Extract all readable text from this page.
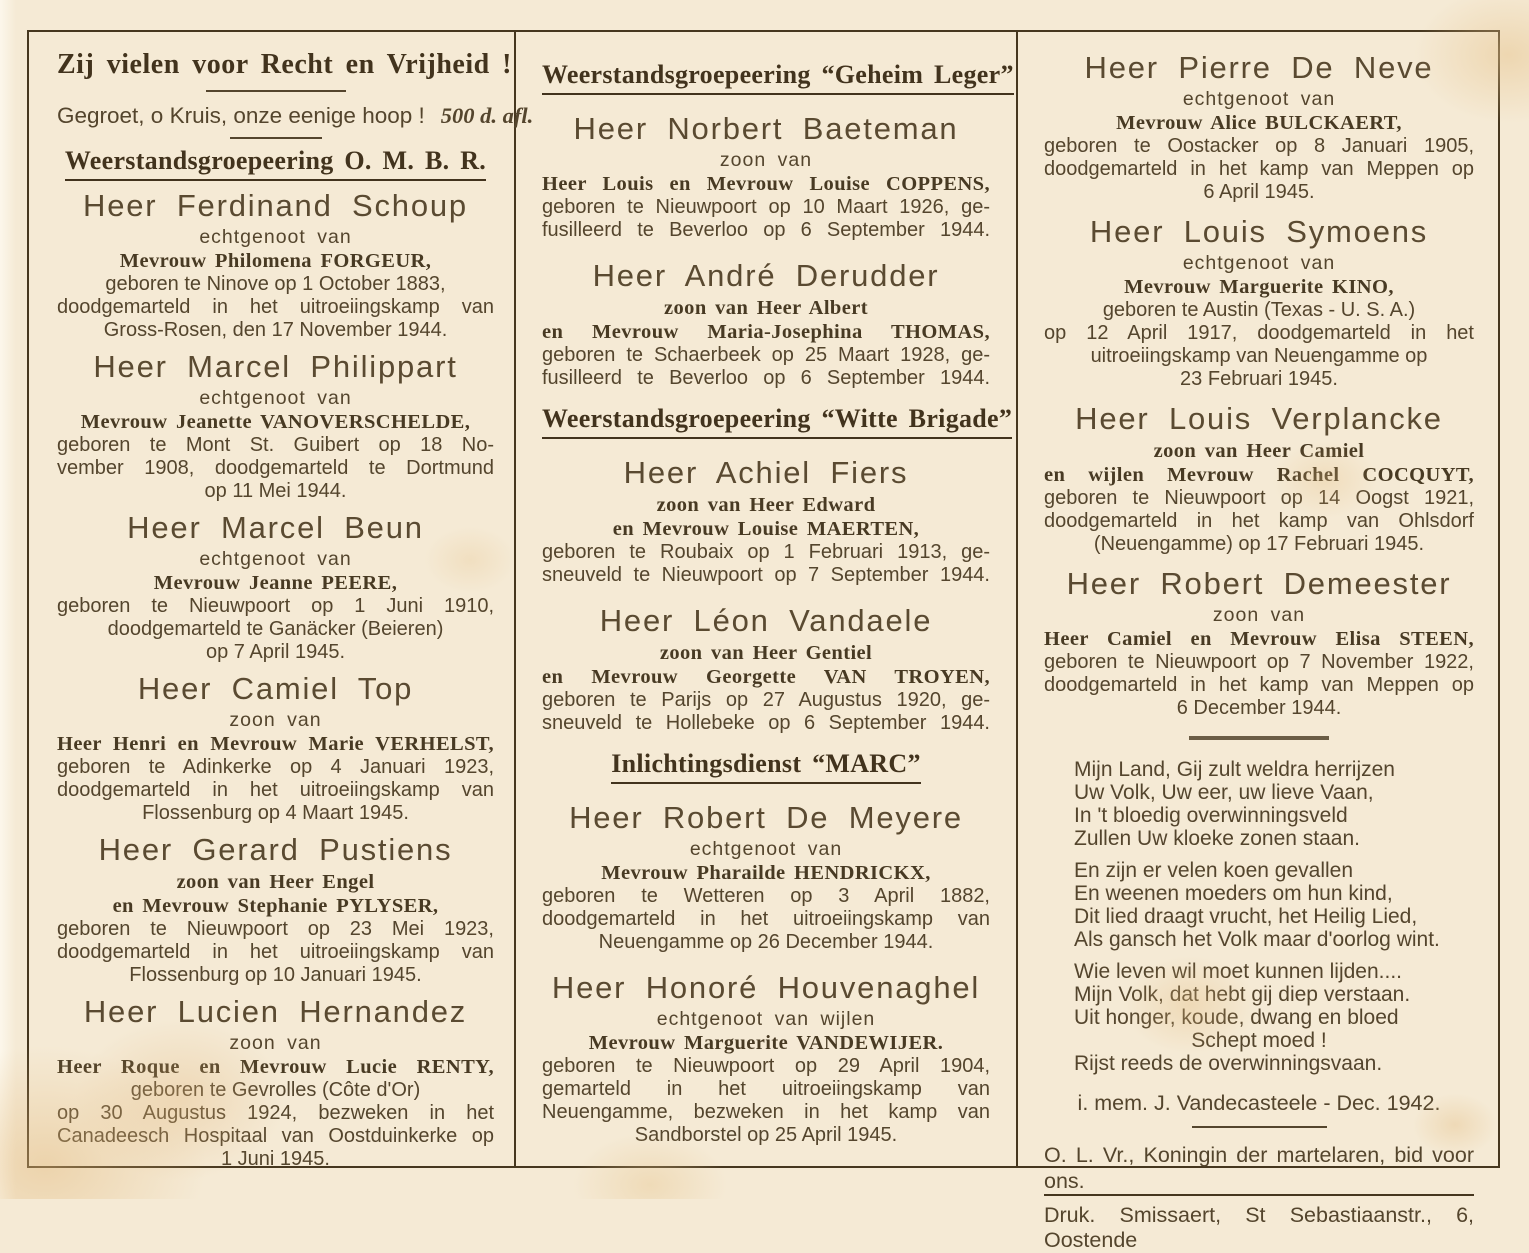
Zij vielen voor Recht en Vrijheid !
Gegroet, o Kruis, onze eenige hoop ! 500 d. afl.
Weerstandsgroepeering O. M. B. R.
Heer Ferdinand Schoup
echtgenoot van
Mevrouw Philomena FORGEUR,
geboren te Ninove op 1 October 1883,
doodgemarteld in het uitroeiingskamp van
Gross-Rosen, den 17 November 1944.
Heer Marcel Philippart
echtgenoot van
Mevrouw Jeanette VANOVERSCHELDE,
geboren te Mont St. Guibert op 18 No-
vember 1908, doodgemarteld te Dortmund
op 11 Mei 1944.
Heer Marcel Beun
echtgenoot van
Mevrouw Jeanne PEERE,
geboren te Nieuwpoort op 1 Juni 1910,
doodgemarteld te Ganäcker (Beieren)
op 7 April 1945.
Heer Camiel Top
zoon van
Heer Henri en Mevrouw Marie VERHELST,
geboren te Adinkerke op 4 Januari 1923,
doodgemarteld in het uitroeiingskamp van
Flossenburg op 4 Maart 1945.
Heer Gerard Pustiens
zoon van Heer Engel
en Mevrouw Stephanie PYLYSER,
geboren te Nieuwpoort op 23 Mei 1923,
doodgemarteld in het uitroeiingskamp van
Flossenburg op 10 Januari 1945.
Heer Lucien Hernandez
zoon van
Heer Roque en Mevrouw Lucie RENTY,
geboren te Gevrolles (Côte d'Or)
op 30 Augustus 1924, bezweken in het
Canadeesch Hospitaal van Oostduinkerke op
1 Juni 1945.
Weerstandsgroepeering “Geheim Leger”
Heer Norbert Baeteman
zoon van
Heer Louis en Mevrouw Louise COPPENS,
geboren te Nieuwpoort op 10 Maart 1926, ge-
fusilleerd te Beverloo op 6 September 1944.
Heer André Derudder
zoon van Heer Albert
en Mevrouw Maria-Josephina THOMAS,
geboren te Schaerbeek op 25 Maart 1928, ge-
fusilleerd te Beverloo op 6 September 1944.
Weerstandsgroepeering “Witte Brigade”
Heer Achiel Fiers
zoon van Heer Edward
en Mevrouw Louise MAERTEN,
geboren te Roubaix op 1 Februari 1913, ge-
sneuveld te Nieuwpoort op 7 September 1944.
Heer Léon Vandaele
zoon van Heer Gentiel
en Mevrouw Georgette VAN TROYEN,
geboren te Parijs op 27 Augustus 1920, ge-
sneuveld te Hollebeke op 6 September 1944.
Inlichtingsdienst “MARC”
Heer Robert De Meyere
echtgenoot van
Mevrouw Pharailde HENDRICKX,
geboren te Wetteren op 3 April 1882,
doodgemarteld in het uitroeiingskamp van
Neuengamme op 26 December 1944.
Heer Honoré Houvenaghel
echtgenoot van wijlen
Mevrouw Marguerite VANDEWIJER.
geboren te Nieuwpoort op 29 April 1904,
gemarteld in het uitroeiingskamp van
Neuengamme, bezweken in het kamp van
Sandborstel op 25 April 1945.
Heer Pierre De Neve
echtgenoot van
Mevrouw Alice BULCKAERT,
geboren te Oostacker op 8 Januari 1905,
doodgemarteld in het kamp van Meppen op
6 April 1945.
Heer Louis Symoens
echtgenoot van
Mevrouw Marguerite KINO,
geboren te Austin (Texas - U. S. A.)
op 12 April 1917, doodgemarteld in het
uitroeiingskamp van Neuengamme op
23 Februari 1945.
Heer Louis Verplancke
zoon van Heer Camiel
en wijlen Mevrouw Rachel COCQUYT,
geboren te Nieuwpoort op 14 Oogst 1921,
doodgemarteld in het kamp van Ohlsdorf
(Neuengamme) op 17 Februari 1945.
Heer Robert Demeester
zoon van
Heer Camiel en Mevrouw Elisa STEEN,
geboren te Nieuwpoort op 7 November 1922,
doodgemarteld in het kamp van Meppen op
6 December 1944.
Mijn Land, Gij zult weldra herrijzen
Uw Volk, Uw eer, uw lieve Vaan,
In 't bloedig overwinningsveld
Zullen Uw kloeke zonen staan.
En zijn er velen koen gevallen
En weenen moeders om hun kind,
Dit lied draagt vrucht, het Heilig Lied,
Als gansch het Volk maar d'oorlog wint.
Wie leven wil moet kunnen lijden....
Mijn Volk, dat hebt gij diep verstaan.
Uit honger, koude, dwang en bloed
Schept moed !
Rijst reeds de overwinningsvaan.
i. mem. J. Vandecasteele - Dec. 1942.
O. L. Vr., Koningin der martelaren, bid voor ons.
Druk. Smissaert, St Sebastiaanstr., 6, Oostende
